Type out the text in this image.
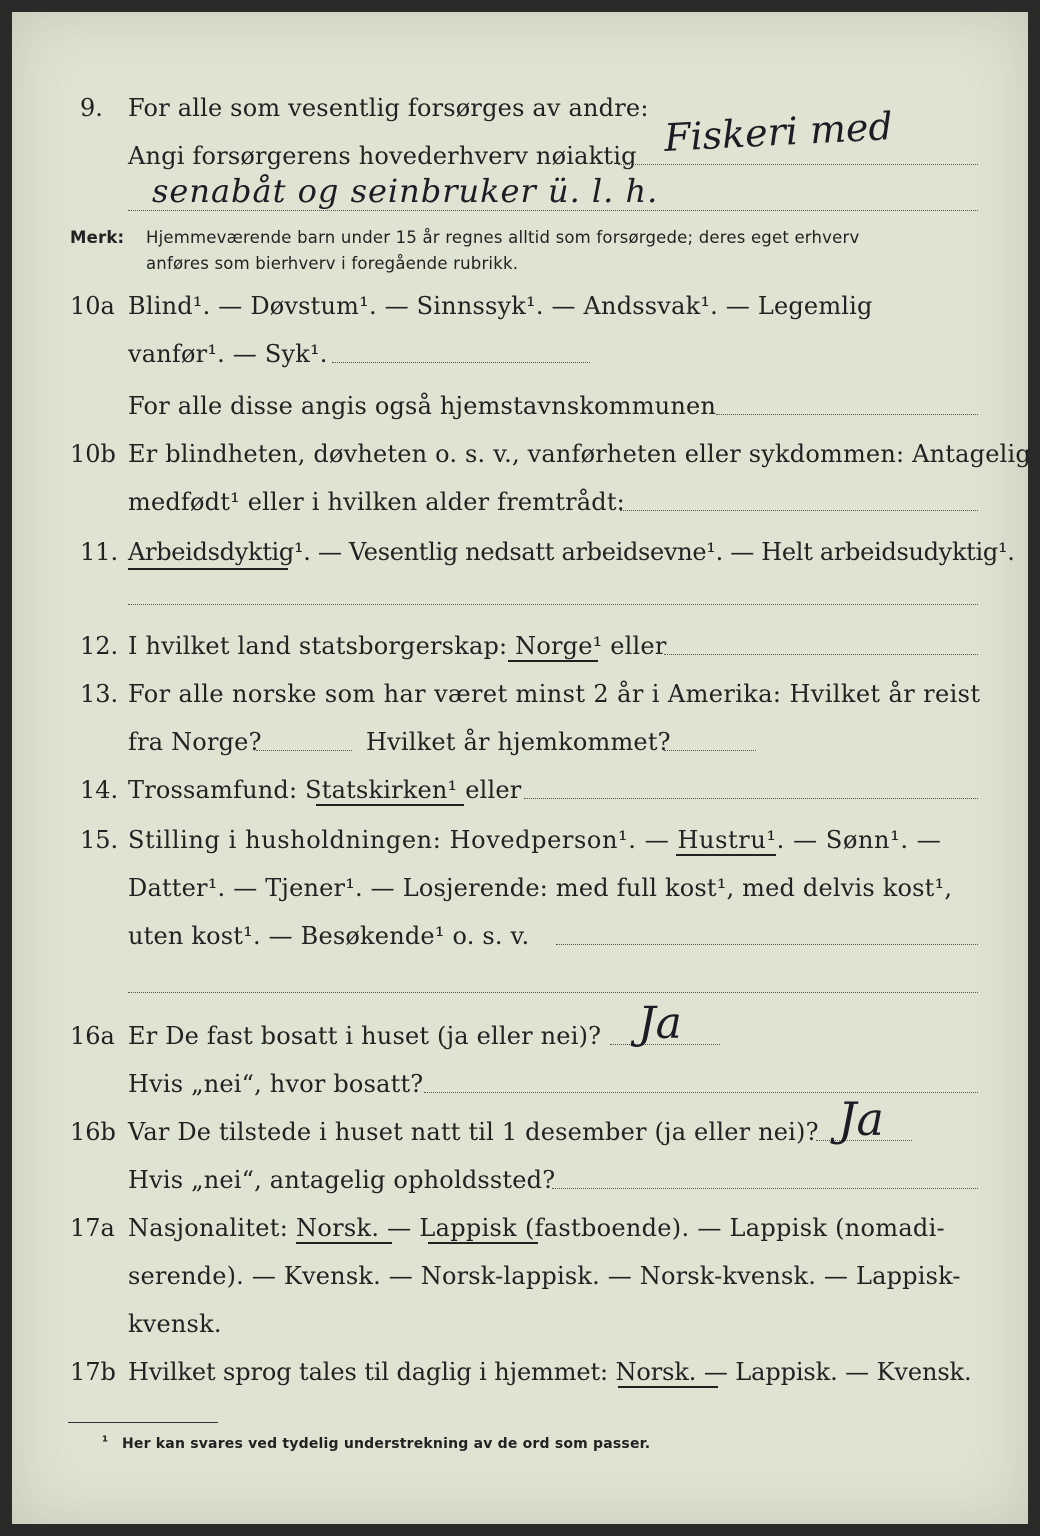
9. For alle som vesentlig forsørges av andre:
Angi forsørgerens hovederhverv nøiaktig Fiskeri med
senabåt og seinbruker ü. l. h.
Merk: Hjemmeværende barn under 15 år regnes alltid som forsørgede; deres eget erhverv
anføres som bierhverv i foregående rubrikk.
10a Blind¹. — Døvstum¹. — Sinnssyk¹. — Andssvak¹. — Legemlig
vanfør¹. — Syk¹.
For alle disse angis også hjemstavnskommunen
10b Er blindheten, døvheten o. s. v., vanførheten eller sykdommen: Antagelig
medfødt¹ eller i hvilken alder fremtrådt:
11. Arbeidsdyktig¹. — Vesentlig nedsatt arbeidsevne¹. — Helt arbeidsudyktig¹.
12. I hvilket land statsborgerskap: Norge¹ eller
13. For alle norske som har været minst 2 år i Amerika: Hvilket år reist
fra Norge?	Hvilket år hjemkommet?
14. Trossamfund: Statskirken¹ eller
15. Stilling i husholdningen: Hovedperson¹. — Hustru¹. — Sønn¹. —
Datter¹. — Tjener¹. — Losjerende: med full kost¹, med delvis kost¹,
uten kost¹. — Besøkende¹ o. s. v.
16a Er De fast bosatt i huset (ja eller nei)? Ja
Hvis „nei“, hvor bosatt?
16b Var De tilstede i huset natt til 1 desember (ja eller nei)? Ja
Hvis „nei“, antagelig opholdssted?
17a Nasjonalitet: Norsk. — Lappisk (fastboende). — Lappisk (nomadi-
serende). — Kvensk. — Norsk-lappisk. — Norsk-kvensk. — Lappisk-
kvensk.
17b Hvilket sprog tales til daglig i hjemmet: Norsk. — Lappisk. — Kvensk.
¹ Her kan svares ved tydelig understrekning av de ord som passer.
